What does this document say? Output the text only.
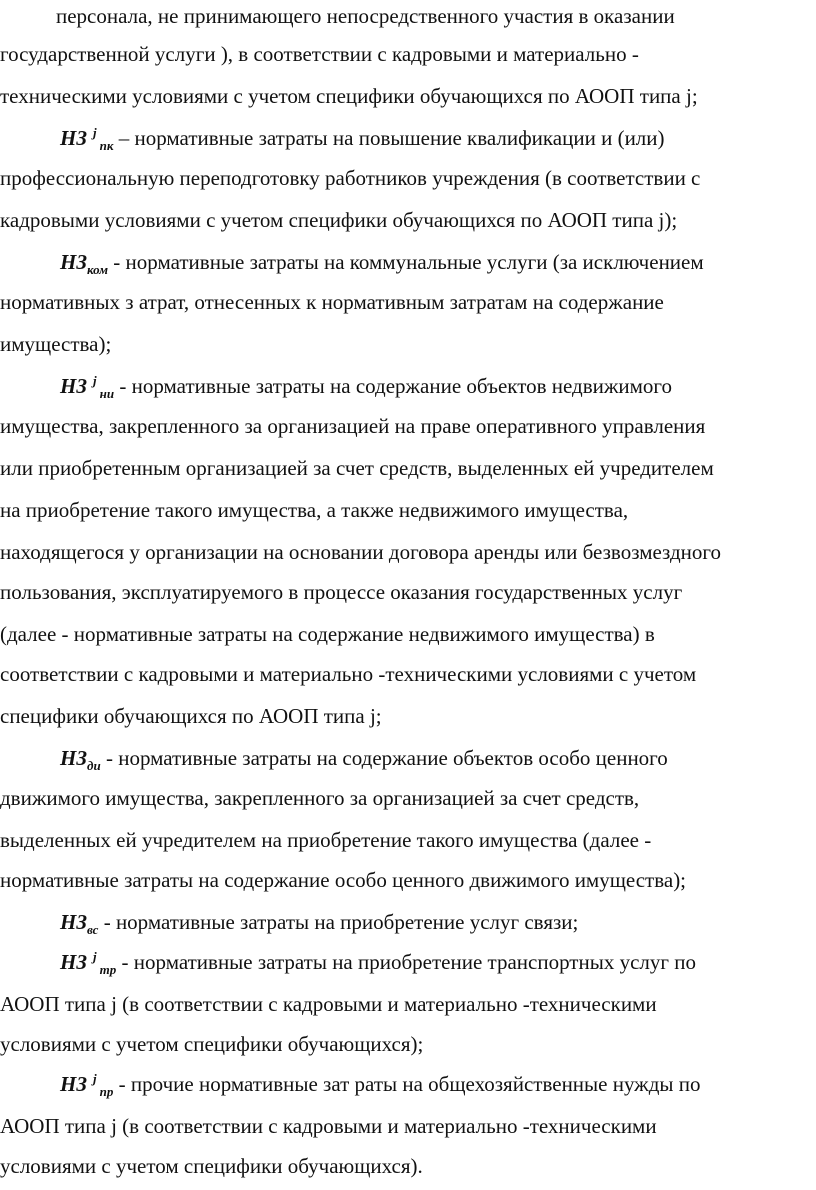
персонала, не принимающего непосредственного участия в оказании
государственной услуги ), в соответствии с кадровыми и материально -
техническими условиями с учетом специфики обучающихся по АООП типа j;
НЗ $^j_{пк}$ – нормативные затраты на повышение квалификации и (или)
профессиональную переподготовку работников учреждения (в соответствии с
кадровыми условиями с учетом специфики обучающихся по АООП типа j);
$НЗ_{ком}$ - нормативные затраты на коммунальные услуги (за исключением
нормативных з атрат, отнесенных к нормативным затратам на содержание
имущества);
НЗ $^j_{ни}$ - нормативные затраты на содержание объектов недвижимого
имущества, закрепленного за организацией на праве оперативного управления
или приобретенным организацией за счет средств, выделенных ей учредителем
на приобретение такого имущества, а также недвижимого имущества,
находящегося у организации на основании договора аренды или безвозмездного
пользования, эксплуатируемого в процессе оказания государственных услуг
(далее - нормативные затраты на содержание недвижимого имущества) в
соответствии с кадровыми и материально -техническими условиями с учетом
специфики обучающихся по АООП типа j;
$НЗ_{ди}$ - нормативные затраты на содержание объектов особо ценного
движимого имущества, закрепленного за организацией за счет средств,
выделенных ей учредителем на приобретение такого имущества (далее -
нормативные затраты на содержание особо ценного движимого имущества);
$НЗ_{вс}$ - нормативные затраты на приобретение услуг связи;
НЗ $^j_{тр}$ - нормативные затраты на приобретение транспортных услуг по
АООП типа j (в соответствии с кадровыми и материально -техническими
условиями с учетом специфики обучающихся);
НЗ $^j_{пр}$ - прочие нормативные зат раты на общехозяйственные нужды по
АООП типа j (в соответствии с кадровыми и материально -техническими
условиями с учетом специфики обучающихся).
